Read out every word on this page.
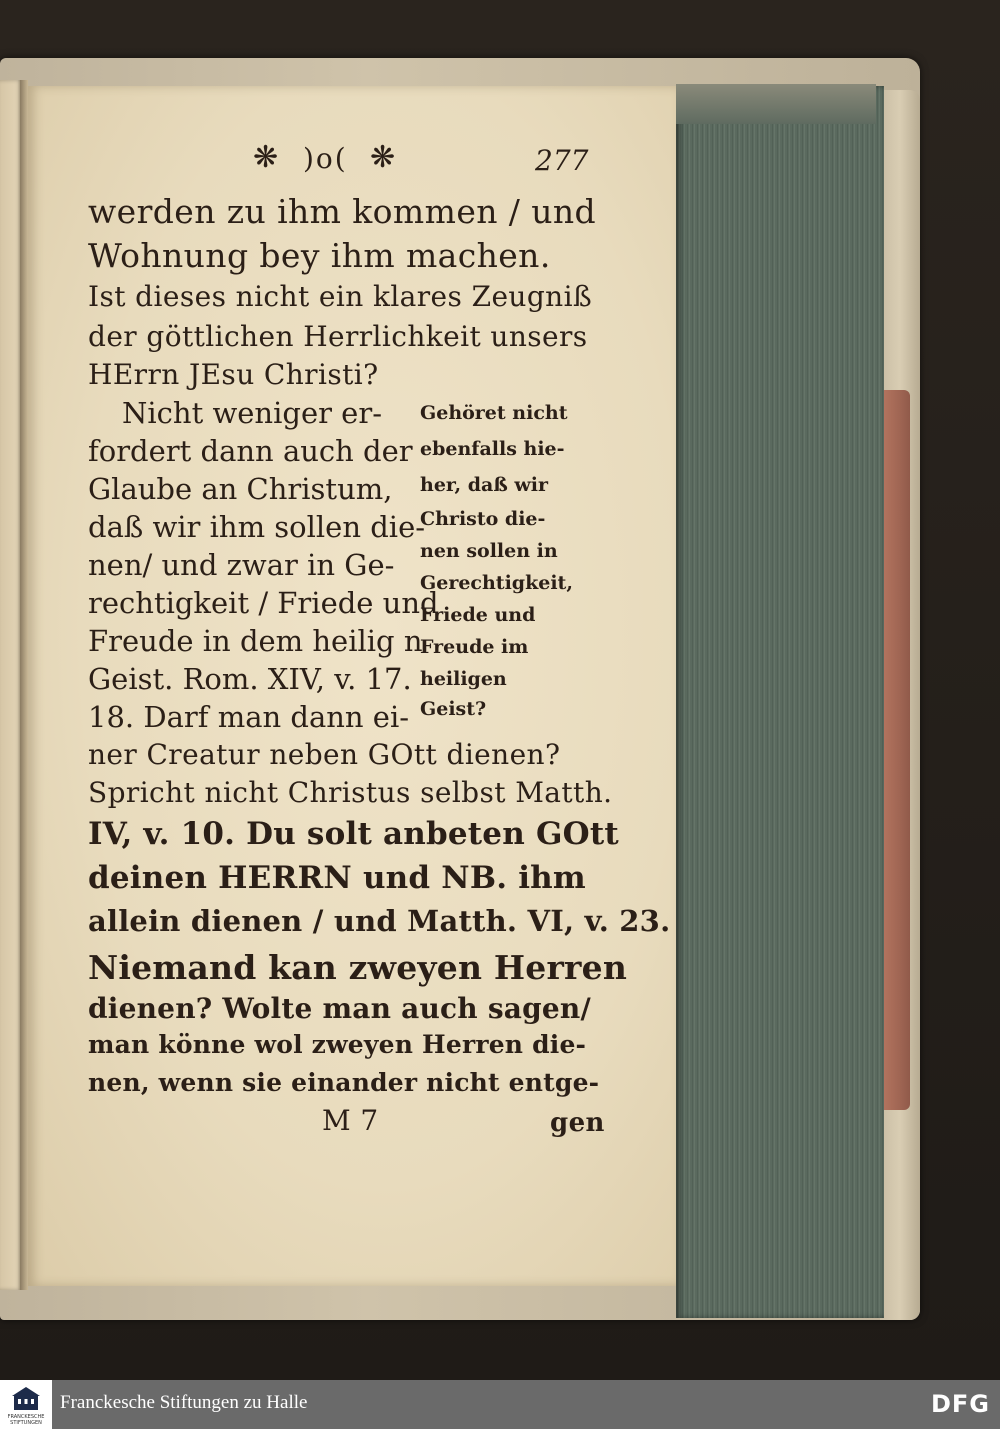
❋ )o( ❋	277
werden zu ihm kommen / und
Wohnung bey ihm machen.
Ist dieses nicht ein klares Zeugniß
der göttlichen Herrlichkeit unsers
HErrn JEsu Christi?
Nicht weniger er-
fordert dann auch der
Glaube an Christum,
daß wir ihm sollen die-
nen/ und zwar in Ge-
rechtigkeit / Friede und
Freude in dem heilig n
Geist. Rom. XIV, v. 17.
18. Darf man dann ei-
ner Creatur neben GOtt dienen?
Spricht nicht Christus selbst Matth.
IV, v. 10. Du solt anbeten GOtt
deinen HERRN und NB. ihm
allein dienen / und Matth. VI, v. 23.
Niemand kan zweyen Herren
dienen? Wolte man auch sagen/
man könne wol zweyen Herren die-
nen, wenn sie einander nicht entge-
M 7	gen
Gehöret nicht
ebenfalls hie-
her, daß wir
Christo die-
nen sollen in
Gerechtigkeit,
Friede und
Freude im
heiligen
Geist?
FRANCKESCHE STIFTUNGEN
Franckesche Stiftungen zu Halle	DFG
